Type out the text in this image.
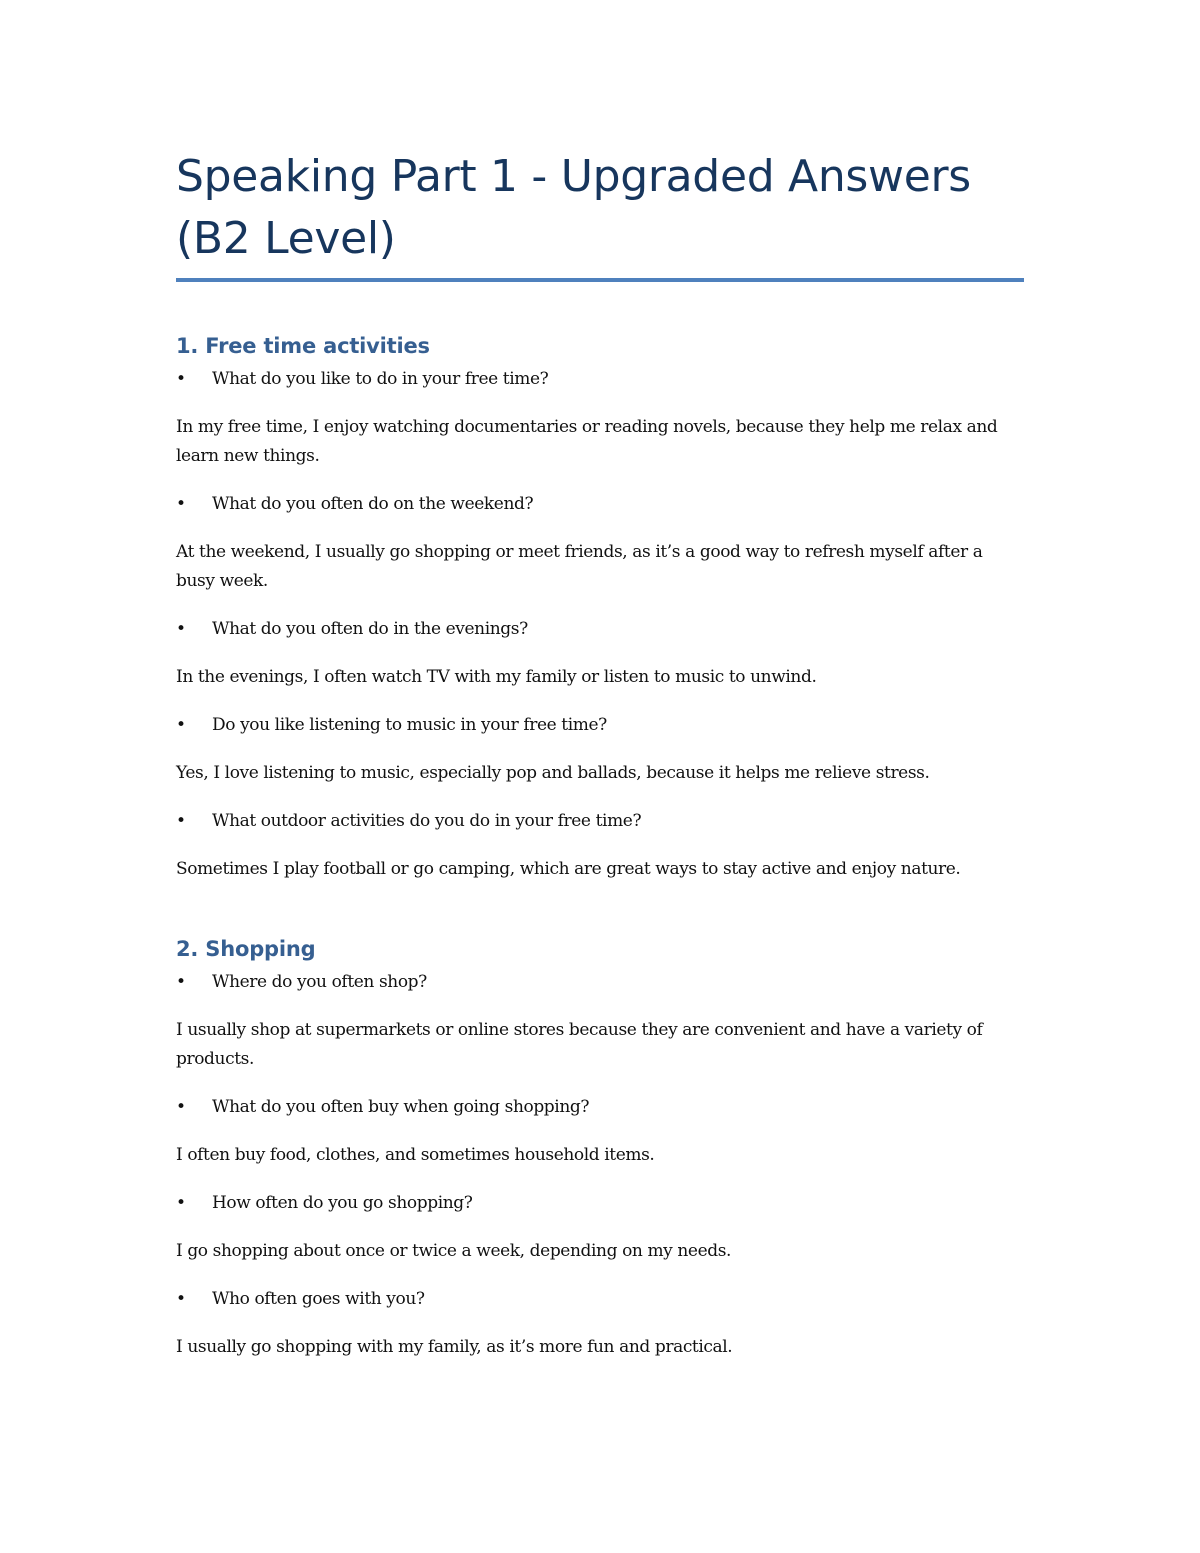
Speaking Part 1 - Upgraded Answers (B2 Level)
1. Free time activities

• What do you like to do in your free time?

In my free time, I enjoy watching documentaries or reading novels, because they help me relax and learn new things.

• What do you often do on the weekend?

At the weekend, I usually go shopping or meet friends, as it’s a good way to refresh myself after a busy week.

• What do you often do in the evenings?

In the evenings, I often watch TV with my family or listen to music to unwind.

• Do you like listening to music in your free time?

Yes, I love listening to music, especially pop and ballads, because it helps me relieve stress.

• What outdoor activities do you do in your free time?

Sometimes I play football or go camping, which are great ways to stay active and enjoy nature.

2. Shopping

• Where do you often shop?

I usually shop at supermarkets or online stores because they are convenient and have a variety of products.

• What do you often buy when going shopping?

I often buy food, clothes, and sometimes household items.

• How often do you go shopping?

I go shopping about once or twice a week, depending on my needs.

• Who often goes with you?

I usually go shopping with my family, as it’s more fun and practical.
